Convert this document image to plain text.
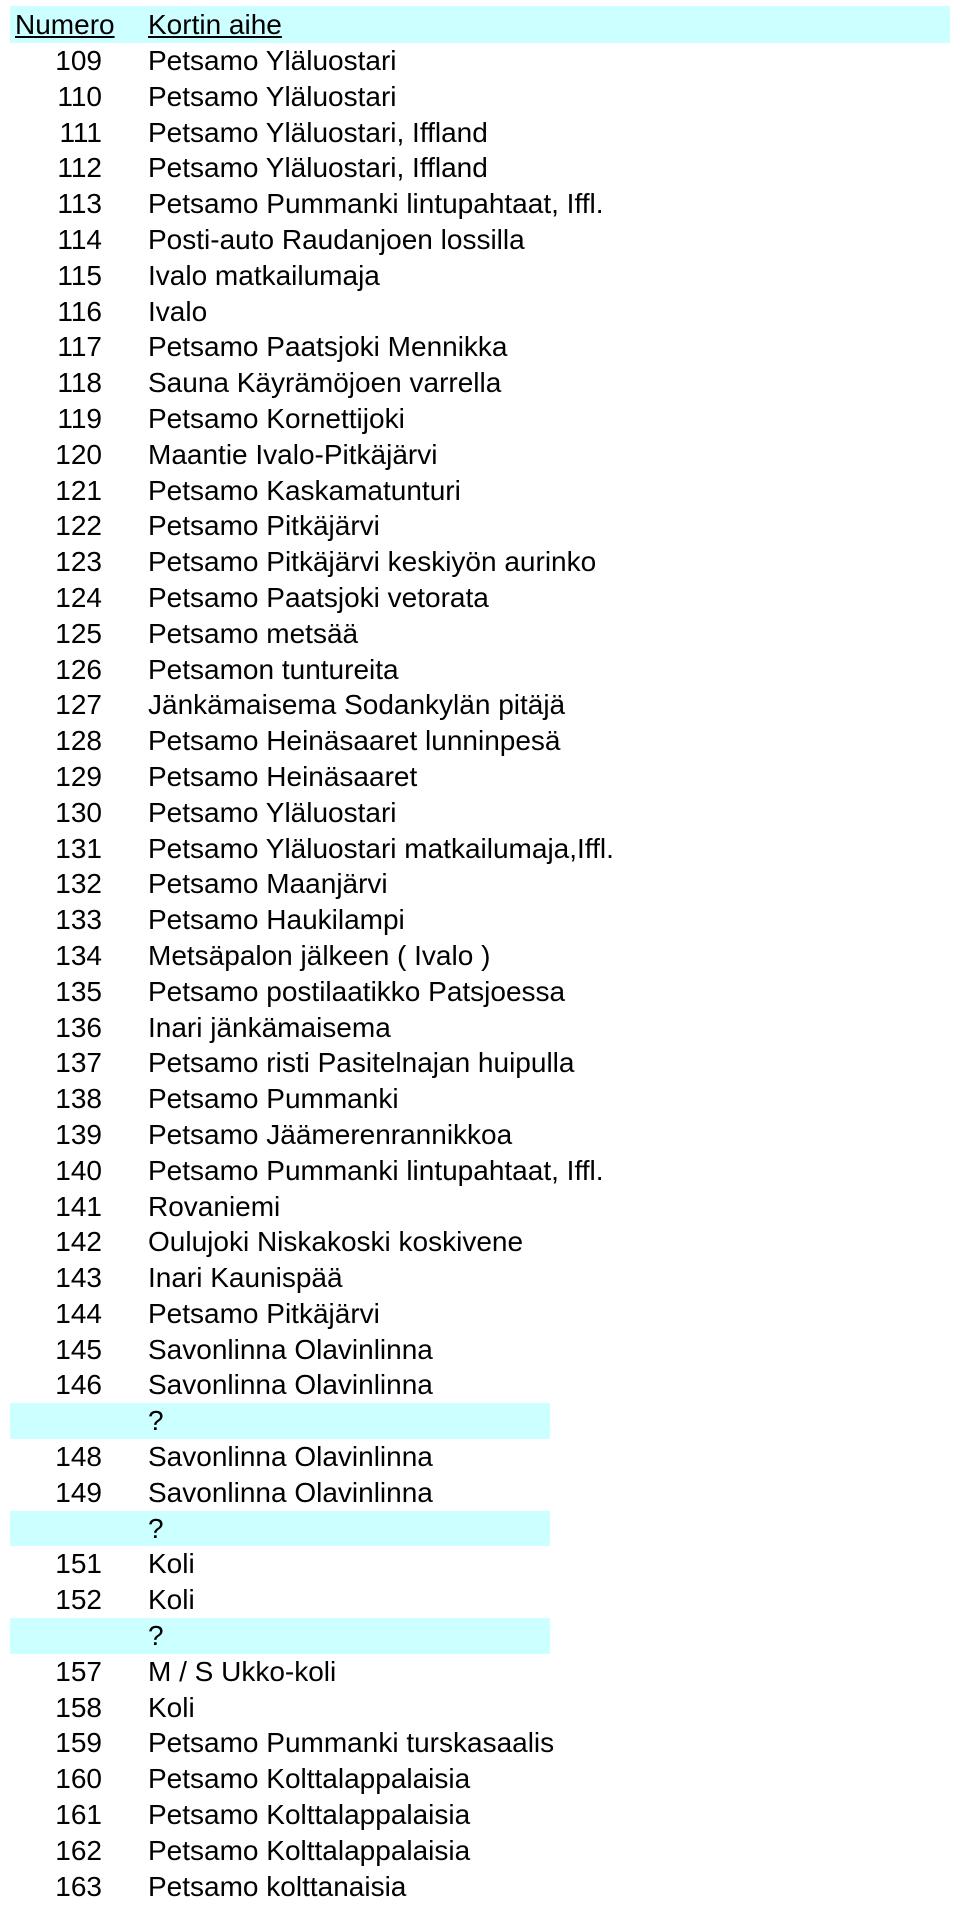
Numero Kortin aihe
109 Petsamo Yläluostari
110 Petsamo Yläluostari
111 Petsamo Yläluostari, Iffland
112 Petsamo Yläluostari, Iffland
113 Petsamo Pummanki lintupahtaat, Iffl.
114 Posti-auto Raudanjoen lossilla
115 Ivalo matkailumaja
116 Ivalo
117 Petsamo Paatsjoki Mennikka
118 Sauna Käyrämöjoen varrella
119 Petsamo Kornettijoki
120 Maantie Ivalo-Pitkäjärvi
121 Petsamo Kaskamatunturi
122 Petsamo Pitkäjärvi
123 Petsamo Pitkäjärvi keskiyön aurinko
124 Petsamo Paatsjoki vetorata
125 Petsamo metsää
126 Petsamon tuntureita
127 Jänkämaisema Sodankylän pitäjä
128 Petsamo Heinäsaaret lunninpesä
129 Petsamo Heinäsaaret
130 Petsamo Yläluostari
131 Petsamo Yläluostari matkailumaja,Iffl.
132 Petsamo Maanjärvi
133 Petsamo Haukilampi
134 Metsäpalon jälkeen ( Ivalo )
135 Petsamo postilaatikko Patsjoessa
136 Inari jänkämaisema
137 Petsamo risti Pasitelnajan huipulla
138 Petsamo Pummanki
139 Petsamo Jäämerenrannikkoa
140 Petsamo Pummanki lintupahtaat, Iffl.
141 Rovaniemi
142 Oulujoki Niskakoski koskivene
143 Inari Kaunispää
144 Petsamo Pitkäjärvi
145 Savonlinna Olavinlinna
146 Savonlinna Olavinlinna
?
148 Savonlinna Olavinlinna
149 Savonlinna Olavinlinna
?
151 Koli
152 Koli
?
157 M / S Ukko-koli
158 Koli
159 Petsamo Pummanki turskasaalis
160 Petsamo Kolttalappalaisia
161 Petsamo Kolttalappalaisia
162 Petsamo Kolttalappalaisia
163 Petsamo kolttanaisia
